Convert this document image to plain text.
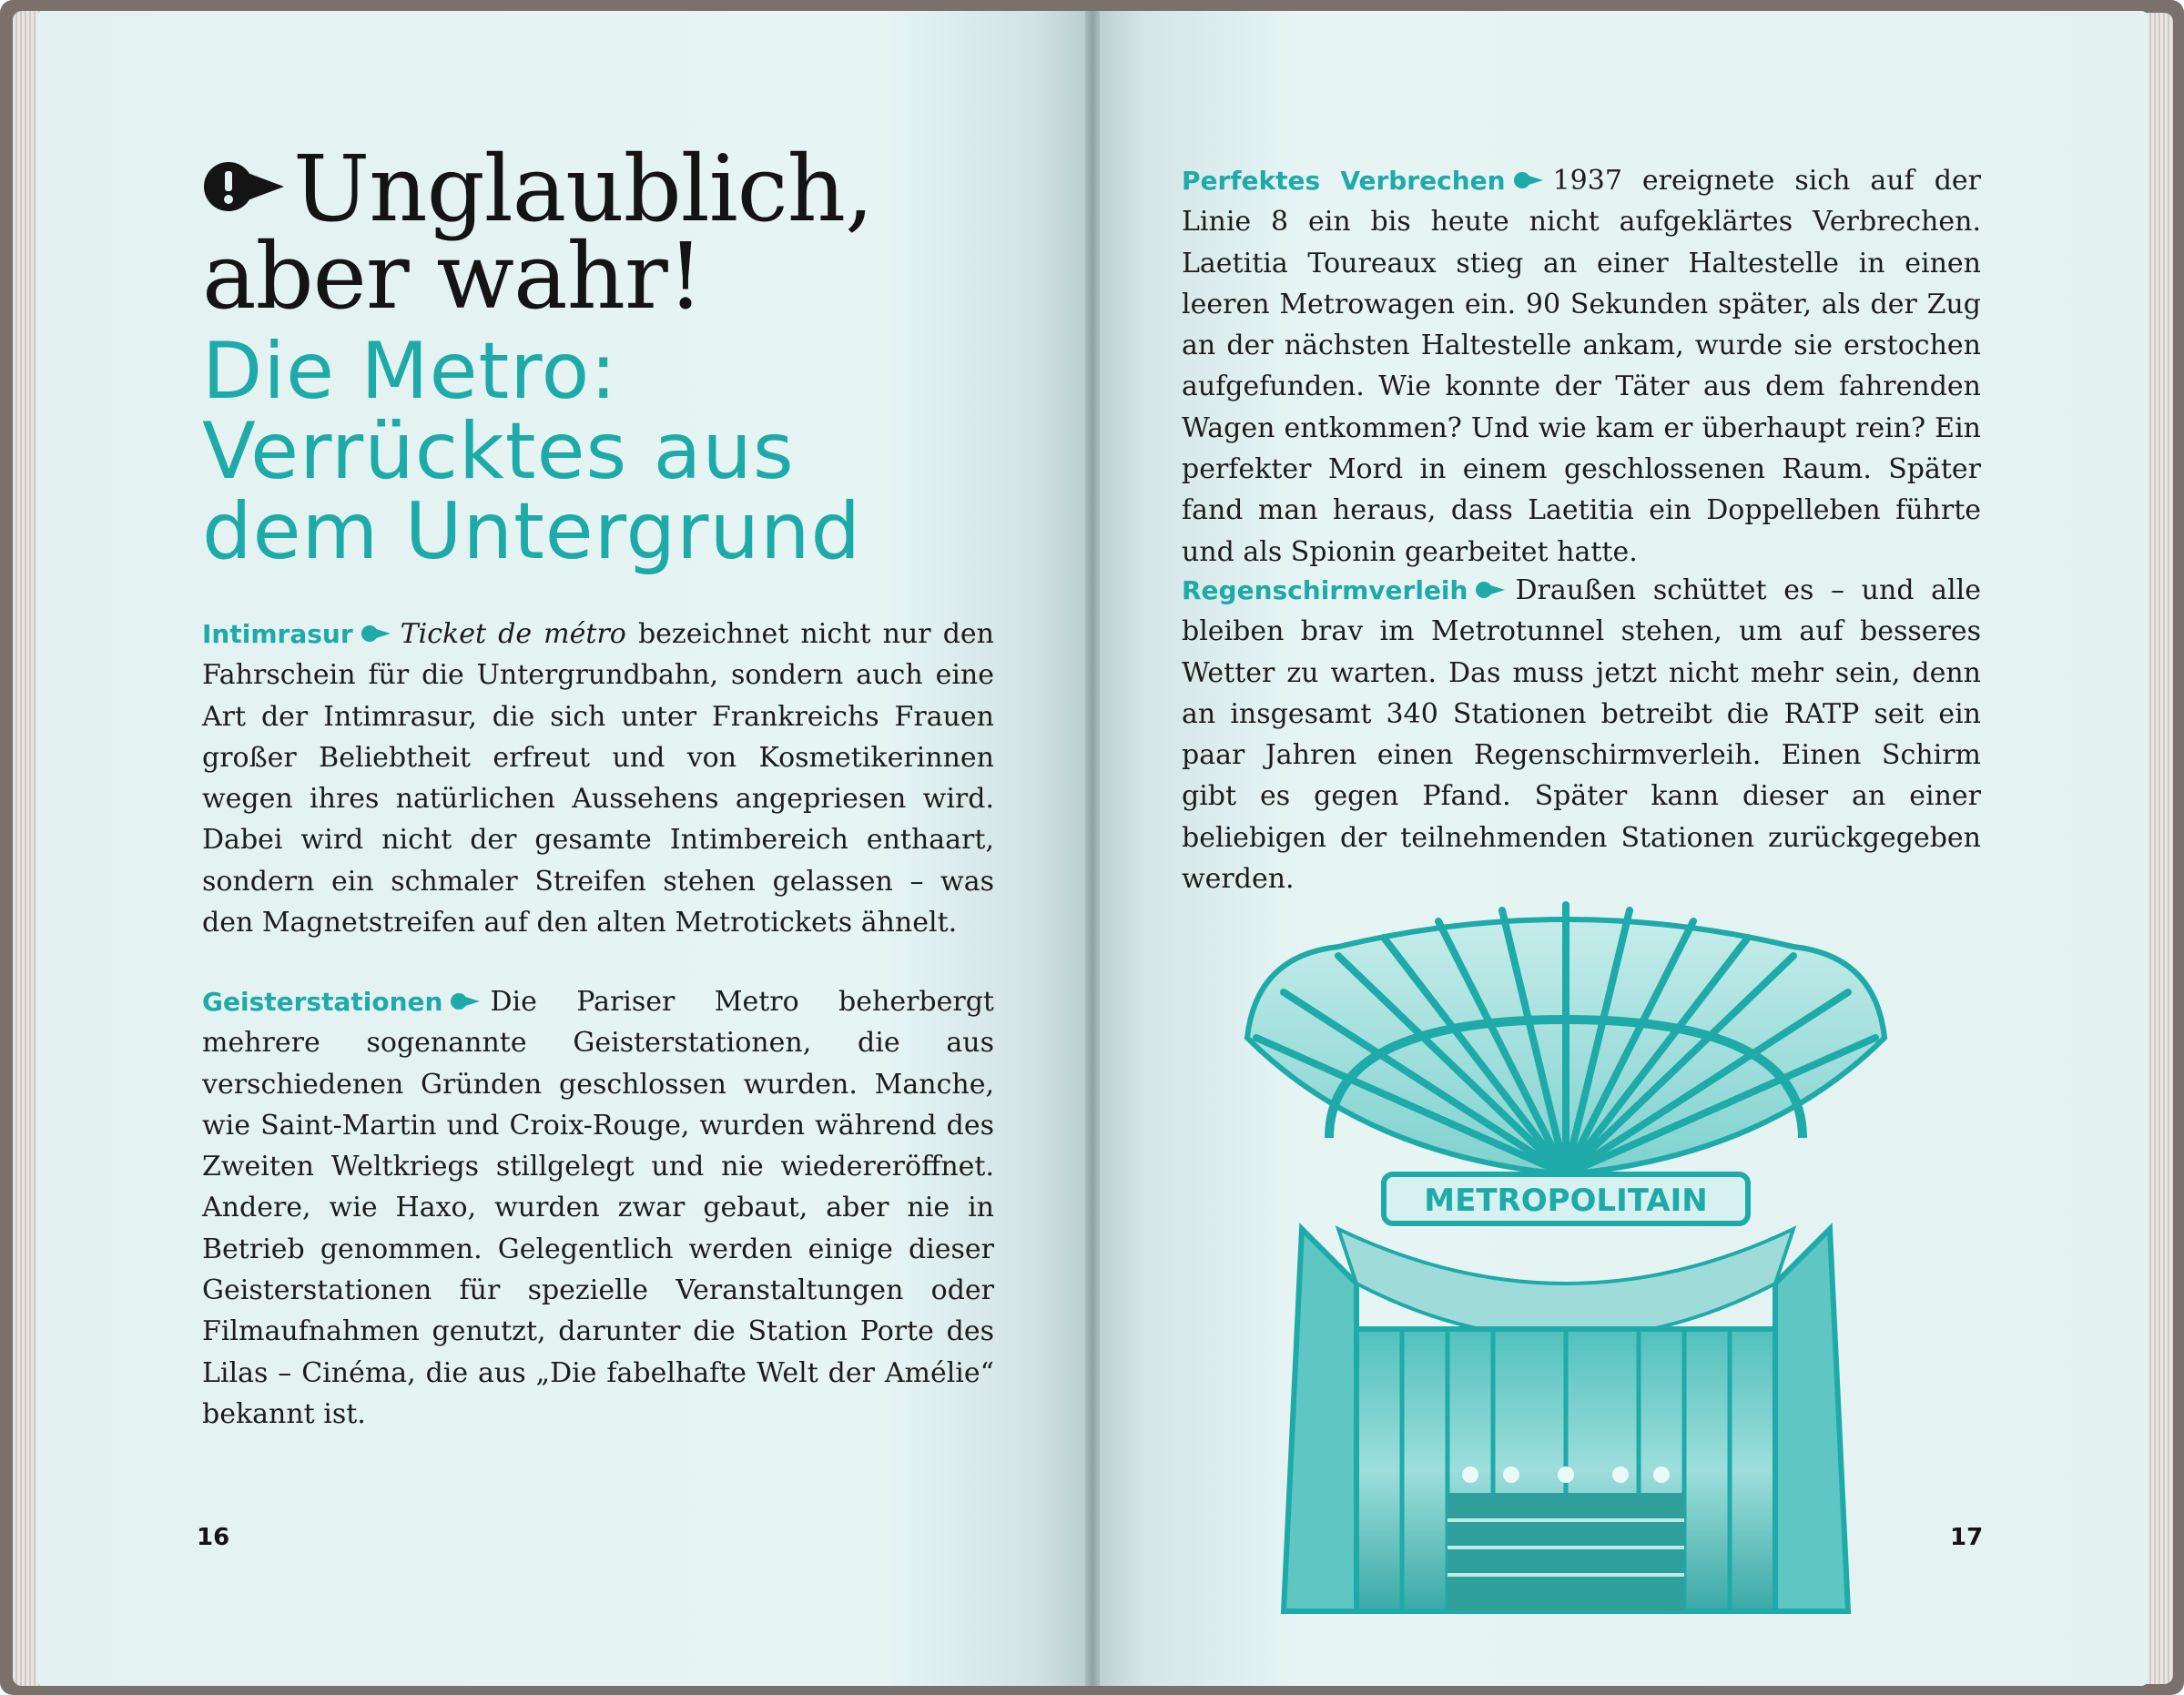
Unglaublich,
aber wahr!
Die Metro:
Verrücktes aus
dem Untergrund
Intimrasur Ticket de métro bezeichnet nicht nur den Fahrschein für die Untergrundbahn, sondern auch eine Art der Intimrasur, die sich unter Frankreichs Frauen großer Beliebtheit erfreut und von Kosmetikerinnen wegen ihres natürlichen Aussehens angepriesen wird. Dabei wird nicht der gesamte Intimbereich enthaart, sondern ein schmaler Streifen stehen gelassen – was den Magnetstreifen auf den alten Metrotickets ähnelt.
Geisterstationen Die Pariser Metro beherbergt mehrere sogenannte Geisterstationen, die aus verschiedenen Gründen geschlossen wurden. Manche, wie Saint-Martin und Croix-Rouge, wurden während des Zweiten Weltkriegs stillgelegt und nie wiedereröffnet. Andere, wie Haxo, wurden zwar gebaut, aber nie in Betrieb genommen. Gelegentlich werden einige dieser Geisterstationen für spezielle Veranstaltungen oder Filmaufnahmen genutzt, darunter die Station Porte des Lilas – Cinéma, die aus „Die fabelhafte Welt der Amélie“ bekannt ist.
16
Perfektes Verbrechen 1937 ereignete sich auf der Linie 8 ein bis heute nicht aufgeklärtes Verbrechen. Laetitia Toureaux stieg an einer Haltestelle in einen leeren Metrowagen ein. 90 Sekunden später, als der Zug an der nächsten Haltestelle ankam, wurde sie erstochen aufgefunden. Wie konnte der Täter aus dem fahrenden Wagen entkommen? Und wie kam er überhaupt rein? Ein perfekter Mord in einem geschlossenen Raum. Später fand man heraus, dass Laetitia ein Doppelleben führte und als Spionin gearbeitet hatte.
Regenschirmverleih Draußen schüttet es – und alle bleiben brav im Metrotunnel stehen, um auf besseres Wetter zu warten. Das muss jetzt nicht mehr sein, denn an insgesamt 340 Stationen betreibt die RATP seit ein paar Jahren einen Regenschirmverleih. Einen Schirm gibt es gegen Pfand. Später kann dieser an einer beliebigen der teilnehmenden Stationen zurückgegeben werden.
METROPOLITAIN
17
